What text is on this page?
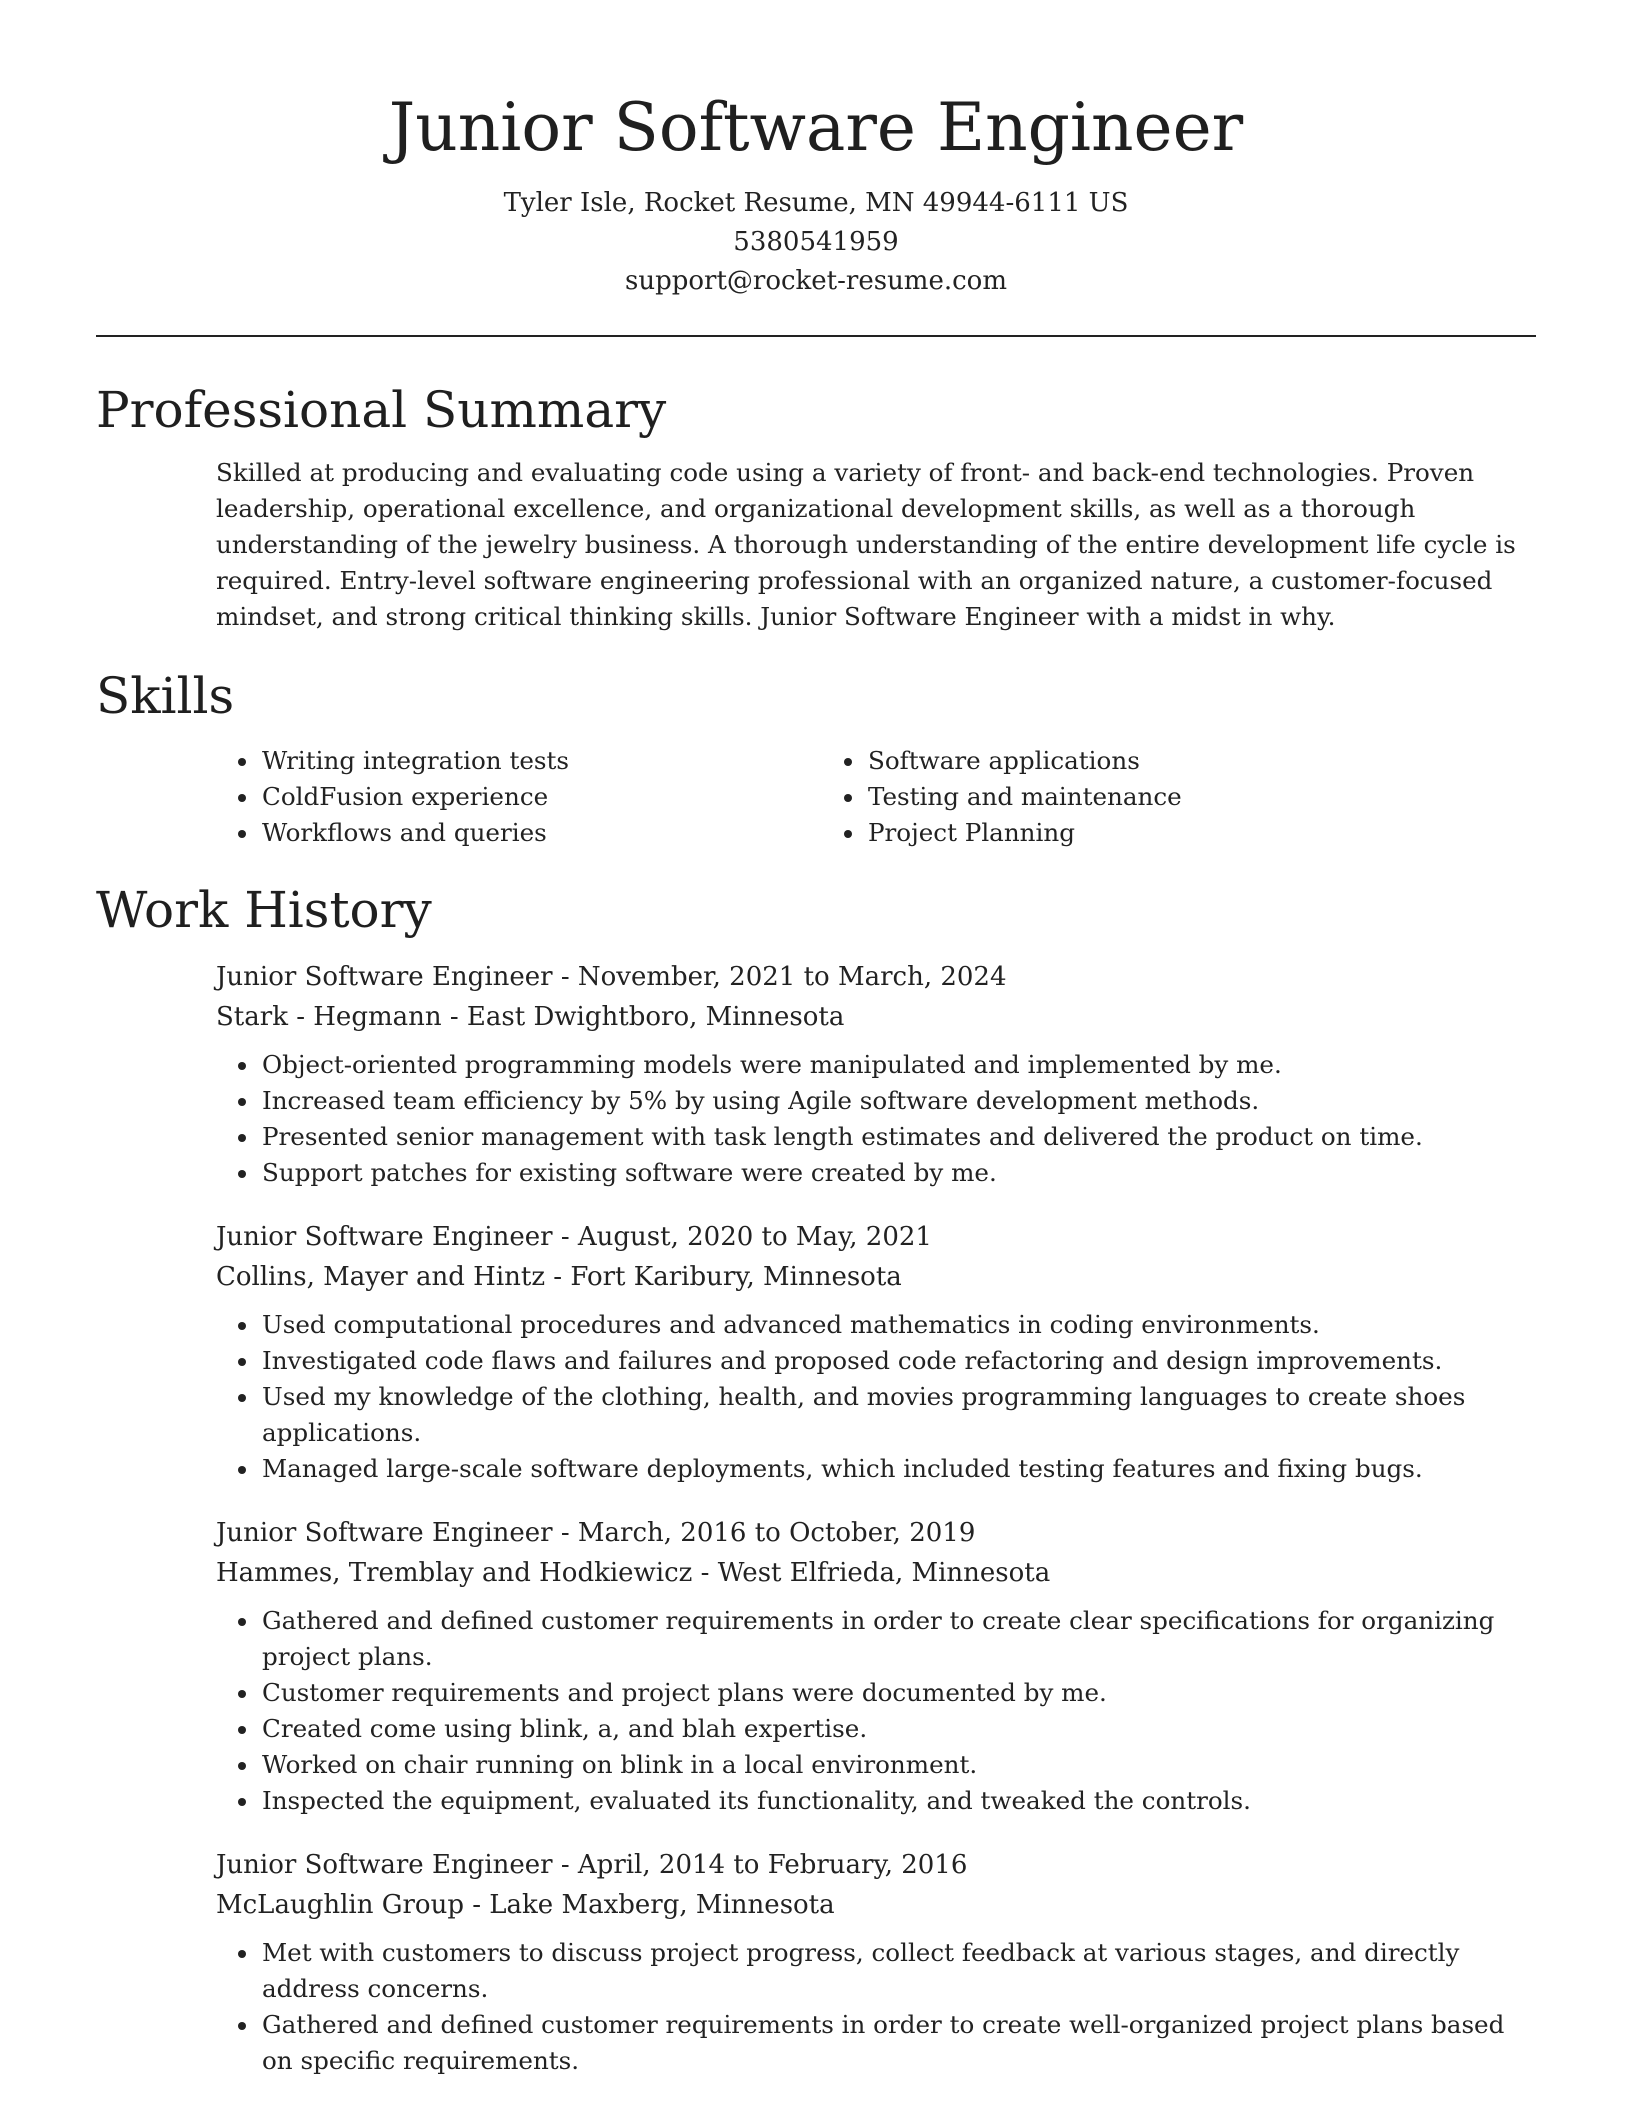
Junior Software Engineer
Tyler Isle, Rocket Resume, MN 49944-6111 US
5380541959
support@rocket-resume.com
Professional Summary
Skilled at producing and evaluating code using a variety of front- and back-end technologies. Proven leadership, operational excellence, and organizational development skills, as well as a thorough understanding of the jewelry business. A thorough understanding of the entire development life cycle is required. Entry-level software engineering professional with an organized nature, a customer-focused mindset, and strong critical thinking skills. Junior Software Engineer with a midst in why.
Skills
• Writing integration tests
• ColdFusion experience
• Workflows and queries
• Software applications
• Testing and maintenance
• Project Planning
Work History
Junior Software Engineer - November, 2021 to March, 2024
Stark - Hegmann - East Dwightboro, Minnesota
• Object-oriented programming models were manipulated and implemented by me.
• Increased team efficiency by 5% by using Agile software development methods.
• Presented senior management with task length estimates and delivered the product on time.
• Support patches for existing software were created by me.
Junior Software Engineer - August, 2020 to May, 2021
Collins, Mayer and Hintz - Fort Karibury, Minnesota
• Used computational procedures and advanced mathematics in coding environments.
• Investigated code flaws and failures and proposed code refactoring and design improvements.
• Used my knowledge of the clothing, health, and movies programming languages to create shoes applications.
• Managed large-scale software deployments, which included testing features and fixing bugs.
Junior Software Engineer - March, 2016 to October, 2019
Hammes, Tremblay and Hodkiewicz - West Elfrieda, Minnesota
• Gathered and defined customer requirements in order to create clear specifications for organizing project plans.
• Customer requirements and project plans were documented by me.
• Created come using blink, a, and blah expertise.
• Worked on chair running on blink in a local environment.
• Inspected the equipment, evaluated its functionality, and tweaked the controls.
Junior Software Engineer - April, 2014 to February, 2016
McLaughlin Group - Lake Maxberg, Minnesota
• Met with customers to discuss project progress, collect feedback at various stages, and directly address concerns.
• Gathered and defined customer requirements in order to create well-organized project plans based on specific requirements.
